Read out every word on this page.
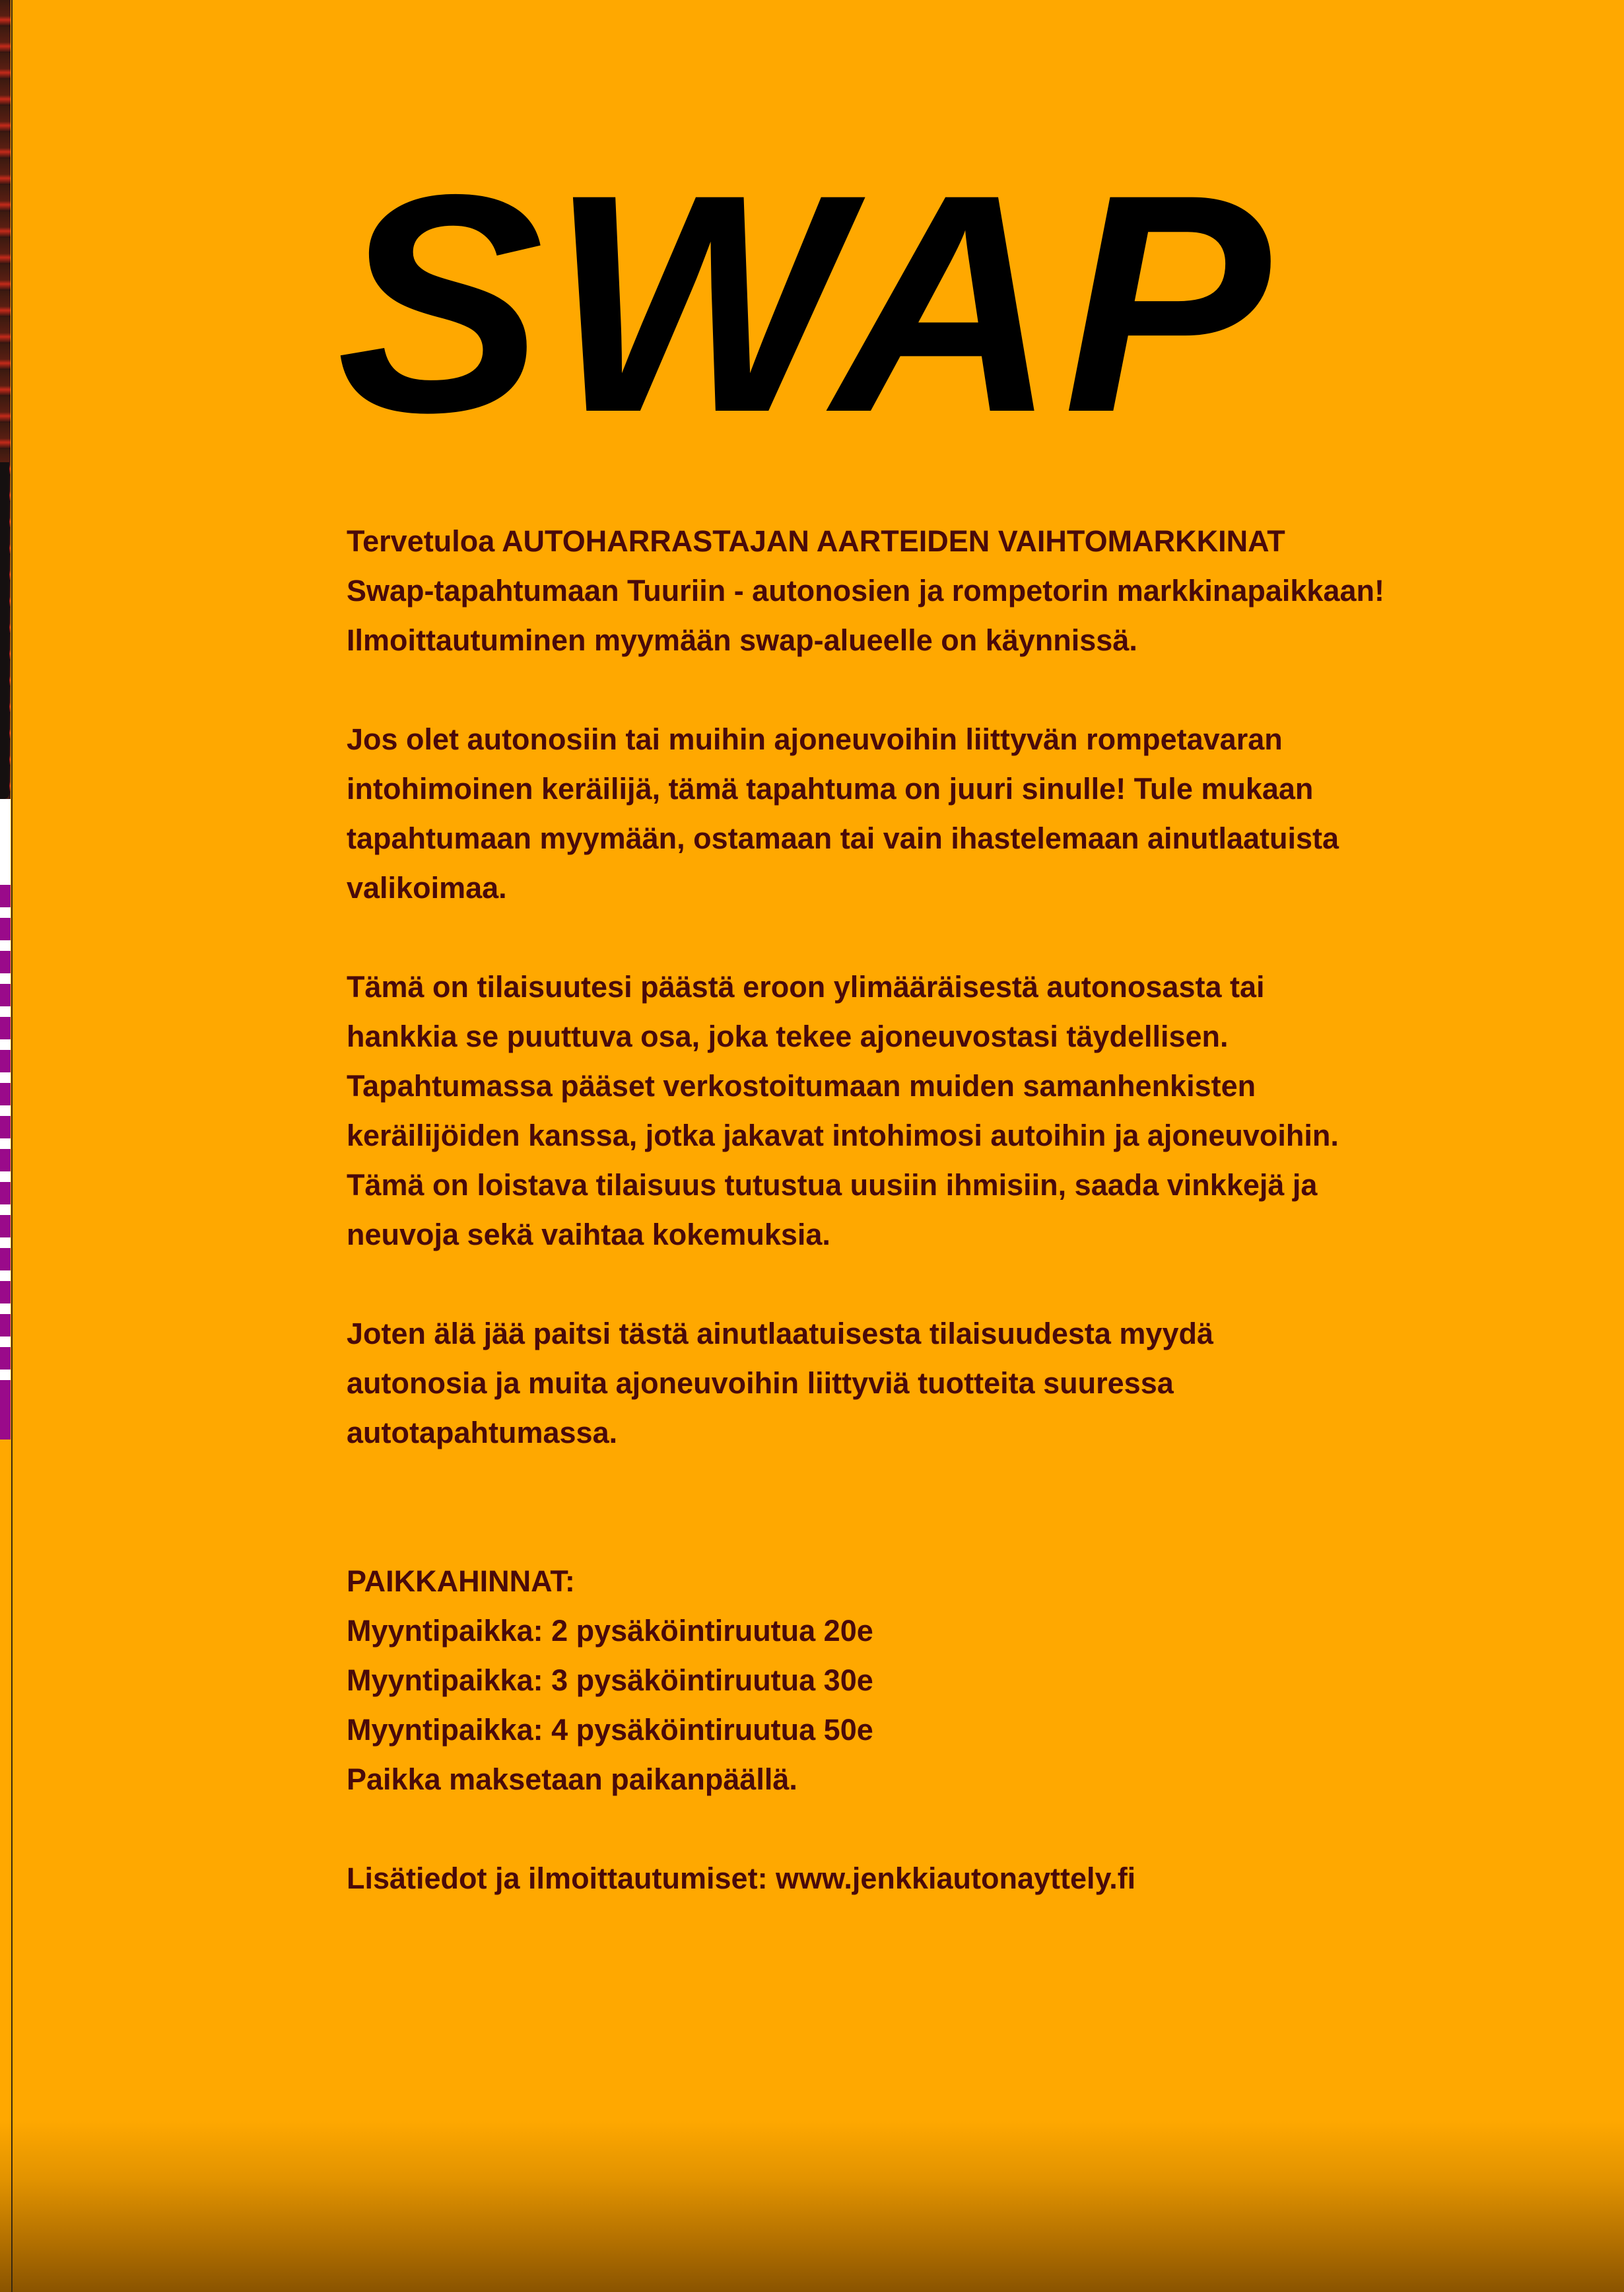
SWAP

Tervetuloa AUTOHARRASTAJAN AARTEIDEN VAIHTOMARKKINAT
Swap-tapahtumaan Tuuriin - autonosien ja rompetorin markkinapaikkaan!
Ilmoittautuminen myymään swap-alueelle on käynnissä.

Jos olet autonosiin tai muihin ajoneuvoihin liittyvän rompetavaran
intohimoinen keräilijä, tämä tapahtuma on juuri sinulle! Tule mukaan
tapahtumaan myymään, ostamaan tai vain ihastelemaan ainutlaatuista
valikoimaa.

Tämä on tilaisuutesi päästä eroon ylimääräisestä autonosasta tai
hankkia se puuttuva osa, joka tekee ajoneuvostasi täydellisen.
Tapahtumassa pääset verkostoitumaan muiden samanhenkisten
keräilijöiden kanssa, jotka jakavat intohimosi autoihin ja ajoneuvoihin.
Tämä on loistava tilaisuus tutustua uusiin ihmisiin, saada vinkkejä ja
neuvoja sekä vaihtaa kokemuksia.

Joten älä jää paitsi tästä ainutlaatuisesta tilaisuudesta myydä
autonosia ja muita ajoneuvoihin liittyviä tuotteita suuressa
autotapahtumassa.

PAIKKAHINNAT:
Myyntipaikka: 2 pysäköintiruutua 20e
Myyntipaikka: 3 pysäköintiruutua 30e
Myyntipaikka: 4 pysäköintiruutua 50e
Paikka maksetaan paikanpäällä.

Lisätiedot ja ilmoittautumiset: www.jenkkiautonayttely.fi
